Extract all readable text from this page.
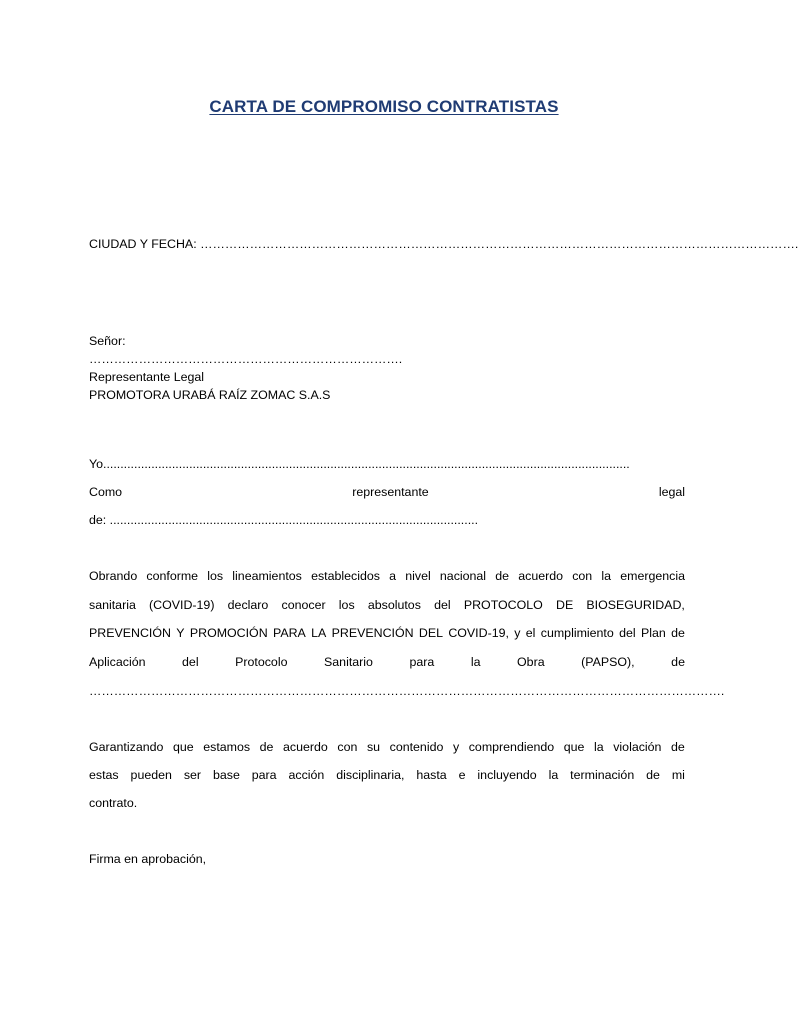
CARTA DE COMPROMISO CONTRATISTAS
CIUDAD Y FECHA: ……………………………………………………………………………………………………………………………….
Señor:
………………………………………………………………….
Representante Legal
PROMOTORA URABÁ RAÍZ ZOMAC S.A.S
Yo.........................................................................................................................................................
Como	representante	legal
de: ...........................................................................................................
Obrando conforme los lineamientos establecidos a nivel nacional de acuerdo con la emergencia
sanitaria (COVID-19) declaro conocer los absolutos del PROTOCOLO DE BIOSEGURIDAD,
PREVENCIÓN Y PROMOCIÓN PARA LA PREVENCIÓN DEL COVID-19, y el cumplimiento del Plan de
Aplicación	del	Protocolo	Sanitario	para	la	Obra	(PAPSO),	de
……………………………………………………………………………………………………………………………………….
Garantizando que estamos de acuerdo con su contenido y comprendiendo que la violación de
estas pueden ser base para acción disciplinaria, hasta e incluyendo la terminación de mi
contrato.
Firma en aprobación,
